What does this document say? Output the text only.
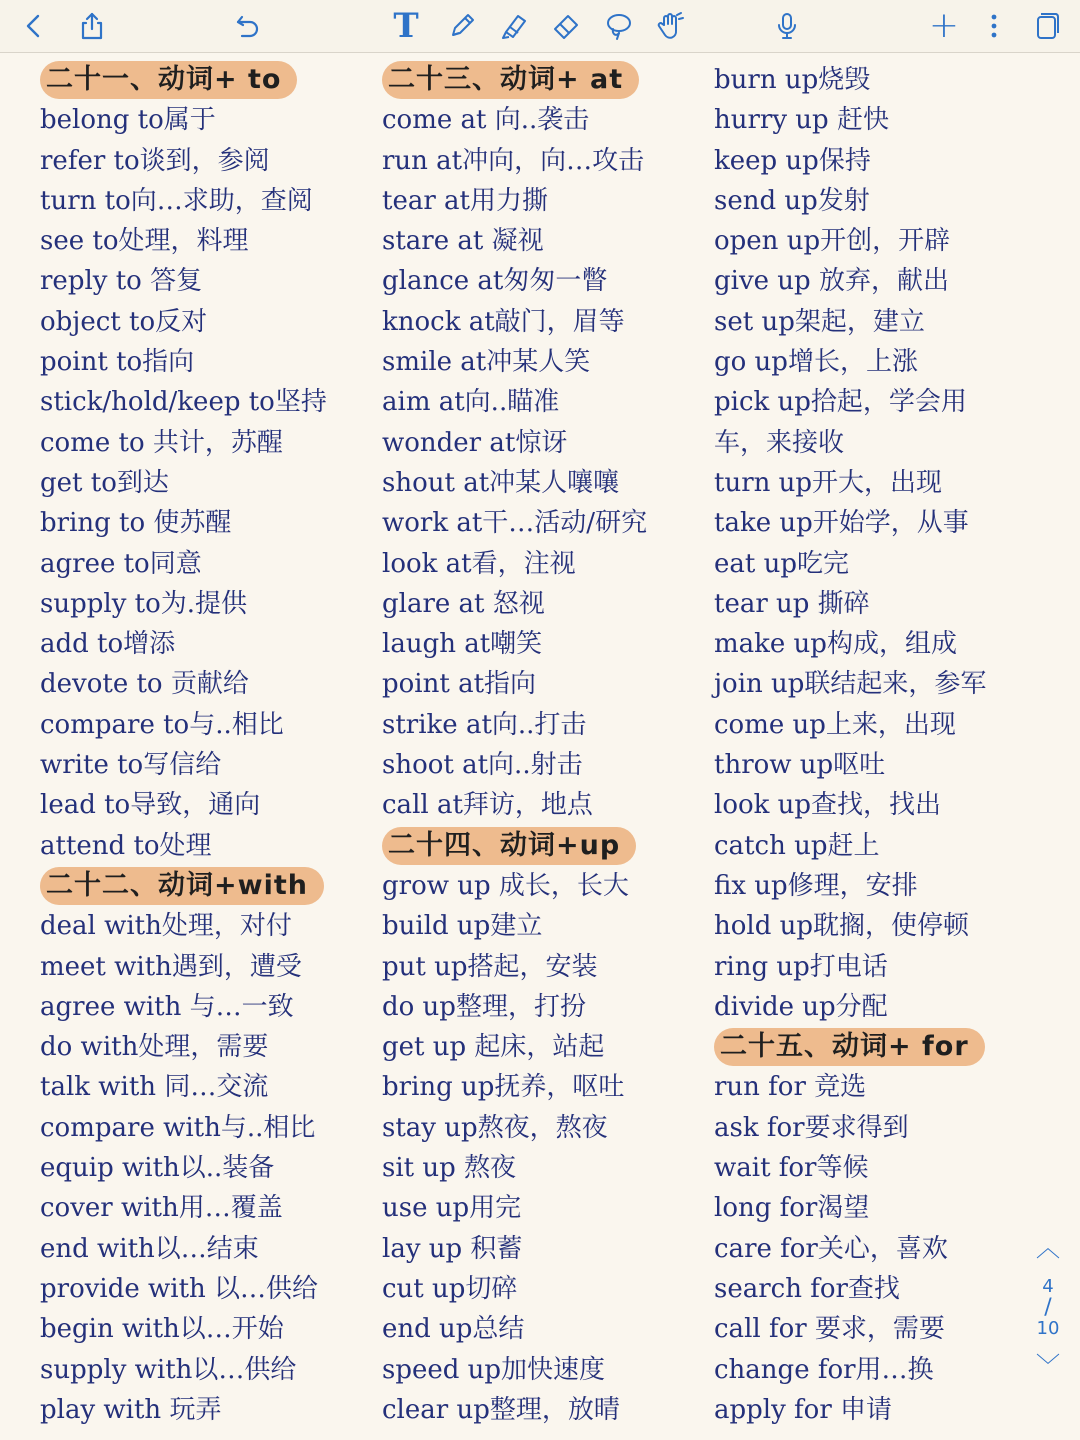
T	+
二十一、动词+ to
belong to属于
refer to谈到，参阅
turn to向…求助，查阅
see to处理，料理
reply to 答复
object to反对
point to指向
stick/hold/keep to坚持
come to 共计，苏醒
get to到达
bring to 使苏醒
agree to同意
supply to为.提供
add to增添
devote to 贡献给
compare to与..相比
write to写信给
lead to导致，通向
attend to处理
二十二、动词+with
deal with处理，对付
meet with遇到，遭受
agree with 与…一致
do with处理，需要
talk with 同…交流
compare with与..相比
equip with以..装备
cover with用…覆盖
end with以…结束
provide with 以…供给
begin with以…开始
supply with以…供给
play with 玩弄
二十三、动词+ at
come at 向..袭击
run at冲向，向…攻击
tear at用力撕
stare at 凝视
glance at匆匆一瞥
knock at敲门，眉等
smile at冲某人笑
aim at向..瞄准
wonder at惊讶
shout at冲某人嚷嚷
work at干…活动/研究
look at看，注视
glare at 怒视
laugh at嘲笑
point at指向
strike at向..打击
shoot at向..射击
call at拜访，地点
二十四、动词+up
grow up 成长，长大
build up建立
put up搭起，安装
do up整理，打扮
get up 起床，站起
bring up抚养，呕吐
stay up熬夜，熬夜
sit up 熬夜
use up用完
lay up 积蓄
cut up切碎
end up总结
speed up加快速度
clear up整理，放晴
burn up烧毁
hurry up 赶快
keep up保持
send up发射
open up开创，开辟
give up 放弃，献出
set up架起，建立
go up增长，上涨
pick up拾起，学会用
车，来接收
turn up开大，出现
take up开始学，从事
eat up吃完
tear up 撕碎
make up构成，组成
join up联结起来，参军
come up上来，出现
throw up呕吐
look up查找，找出
catch up赶上
fix up修理，安排
hold up耽搁，使停顿
ring up打电话
divide up分配
二十五、动词+ for
run for 竞选
ask for要求得到
wait for等候
long for渴望
care for关心，喜欢
search for查找
call for 要求，需要
change for用…换
apply for 申请
︿
4
/
10
﹀
